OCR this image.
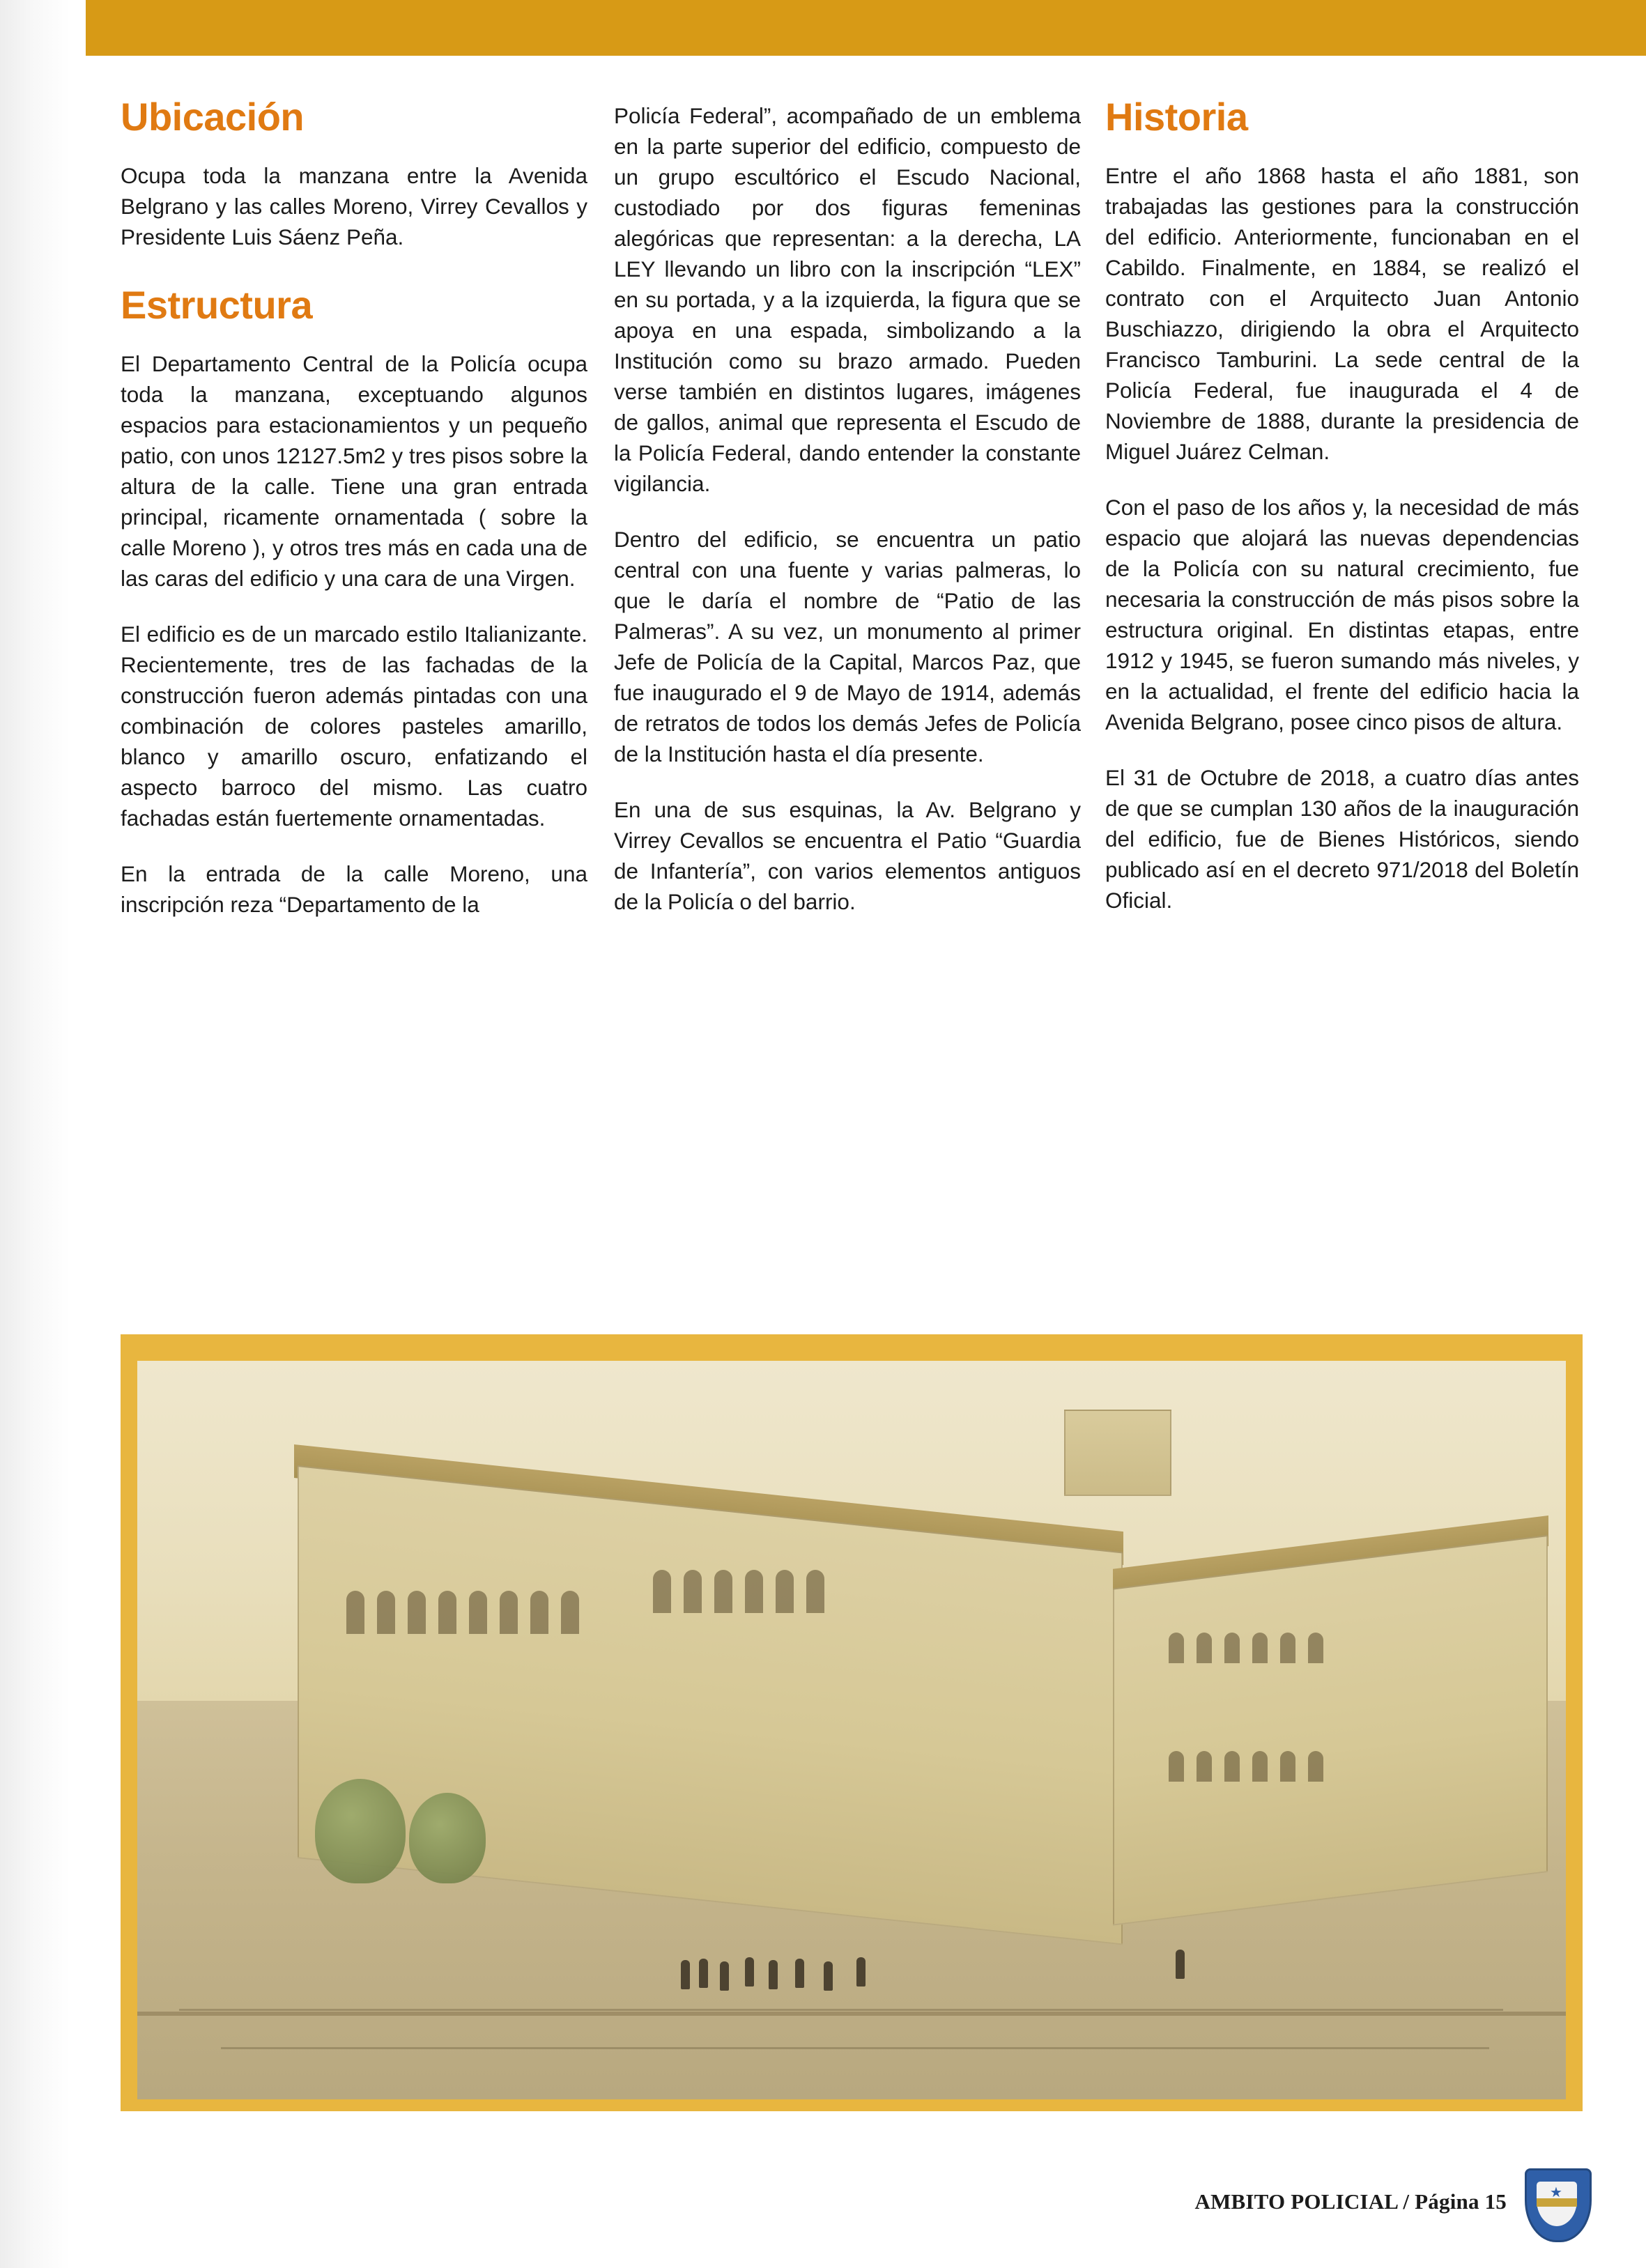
Ubicación

Ocupa toda la manzana entre la Avenida Belgrano y las calles Moreno, Virrey Cevallos y Presidente Luis Sáenz Peña.

Estructura

El Departamento Central de la Policía ocupa toda la manzana, exceptuando algunos espacios para estacionamientos y un pequeño patio, con unos 12127.5m2 y tres pisos sobre la altura de la calle. Tiene una gran entrada principal, ricamente ornamentada ( sobre la calle Moreno ), y otros tres más en cada una de las caras del edificio y una cara de una Virgen.

El edificio es de un marcado estilo Italianizante. Recientemente, tres de las fachadas de la construcción fueron además pintadas con una combinación de colores pasteles amarillo, blanco y amarillo oscuro, enfatizando el aspecto barroco del mismo. Las cuatro fachadas están fuertemente ornamentadas.

En la entrada de la calle Moreno, una inscripción reza “Departamento de la

Policía Federal”, acompañado de un emblema en la parte superior del edificio, compuesto de un grupo escultórico el Escudo Nacional, custodiado por dos figuras femeninas alegóricas que representan: a la derecha, LA LEY llevando un libro con la inscripción “LEX” en su portada, y a la izquierda, la figura que se apoya en una espada, simbolizando a la Institución como su brazo armado. Pueden verse también en distintos lugares, imágenes de gallos, animal que representa el Escudo de la Policía Federal, dando entender la constante vigilancia.

Dentro del edificio, se encuentra un patio central con una fuente y varias palmeras, lo que le daría el nombre de “Patio de las Palmeras”. A su vez, un monumento al primer Jefe de Policía de la Capital, Marcos Paz, que fue inaugurado el 9 de Mayo de 1914, además de retratos de todos los demás Jefes de Policía de la Institución hasta el día presente.

En una de sus esquinas, la Av. Belgrano y Virrey Cevallos se encuentra el Patio “Guardia de Infantería”, con varios elementos antiguos de la Policía o del barrio.

Historia

Entre el año 1868 hasta el año 1881, son trabajadas las gestiones para la construcción del edificio. Anteriormente, funcionaban en el Cabildo. Finalmente, en 1884, se realizó el contrato con el Arquitecto Juan Antonio Buschiazzo, dirigiendo la obra el Arquitecto Francisco Tamburini. La sede central de la Policía Federal, fue inaugurada el 4 de Noviembre de 1888, durante la presidencia de Miguel Juárez Celman.

Con el paso de los años y, la necesidad de más espacio que alojará las nuevas dependencias de la Policía con su natural crecimiento, fue necesaria la construcción de más pisos sobre la estructura original. En distintas etapas, entre 1912 y 1945, se fueron sumando más niveles, y en la actualidad, el frente del edificio hacia la Avenida Belgrano, posee cinco pisos de altura.

El 31 de Octubre de 2018, a cuatro días antes de que se cumplan 130 años de la inauguración del edificio, fue de Bienes Históricos, siendo publicado así en el decreto 971/2018 del Boletín Oficial.

AMBITO POLICIAL / Página 15	★
